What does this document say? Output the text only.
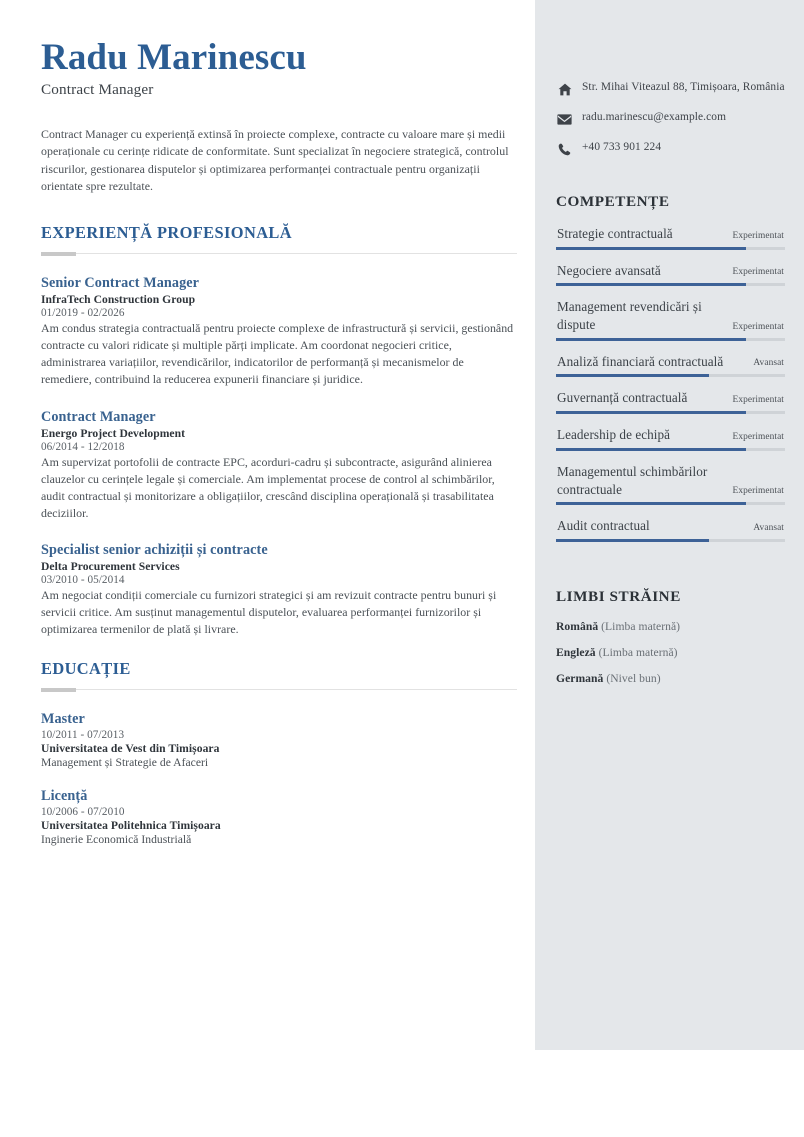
Str. Mihai Viteazul 88, Timișoara, România
radu.marinescu@example.com
+40 733 901 224
COMPETENȚE
Strategie contractuală	Experimentat
Negociere avansată	Experimentat
Management revendicări și dispute	Experimentat
Analiză financiară contractuală	Avansat
Guvernanță contractuală	Experimentat
Leadership de echipă	Experimentat
Managementul schimbărilor contractuale	Experimentat
Audit contractual	Avansat
LIMBI STRĂINE
Română (Limba maternă)
Engleză (Limba maternă)
Germană (Nivel bun)
Radu Marinescu
Contract Manager

Contract Manager cu experiență extinsă în proiecte complexe, contracte cu valoare mare și medii operaționale cu cerințe ridicate de conformitate. Sunt specializat în negociere strategică, controlul riscurilor, gestionarea disputelor și optimizarea performanței contractuale pentru organizații orientate spre rezultate.

EXPERIENȚĂ PROFESIONALĂ
Senior Contract Manager
InfraTech Construction Group
01/2019 - 02/2026
Am condus strategia contractuală pentru proiecte complexe de infrastructură și servicii, gestionând contracte cu valori ridicate și multiple părți implicate. Am coordonat negocieri critice, administrarea variațiilor, revendicărilor, indicatorilor de performanță și mecanismelor de remediere, contribuind la reducerea expunerii financiare și juridice.
Contract Manager
Energo Project Development
06/2014 - 12/2018
Am supervizat portofolii de contracte EPC, acorduri-cadru și subcontracte, asigurând alinierea clauzelor cu cerințele legale și comerciale. Am implementat procese de control al schimbărilor, audit contractual și monitorizare a obligațiilor, crescând disciplina operațională și trasabilitatea deciziilor.
Specialist senior achiziții și contracte
Delta Procurement Services
03/2010 - 05/2014
Am negociat condiții comerciale cu furnizori strategici și am revizuit contracte pentru bunuri și servicii critice. Am susținut managementul disputelor, evaluarea performanței furnizorilor și optimizarea termenilor de plată și livrare.
EDUCAȚIE
Master
10/2011 - 07/2013
Universitatea de Vest din Timișoara
Management și Strategie de Afaceri
Licență
10/2006 - 07/2010
Universitatea Politehnica Timișoara
Inginerie Economică Industrială
